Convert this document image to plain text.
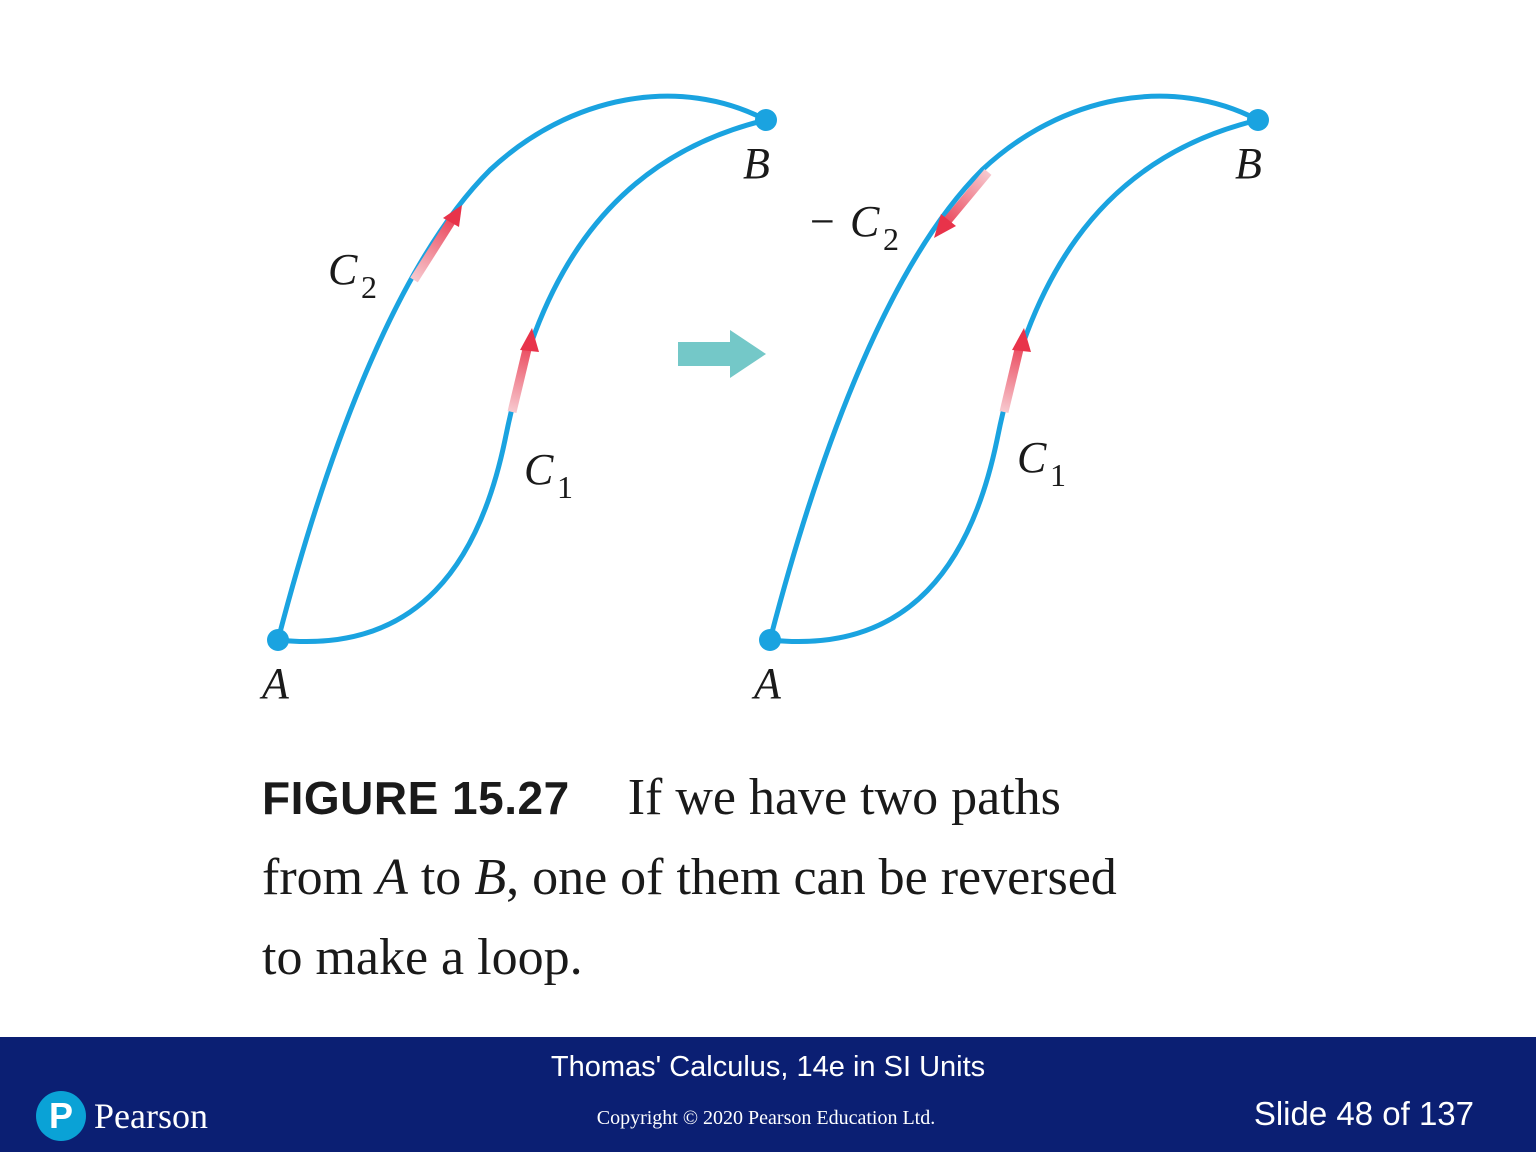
A
B
C 2
C 1
A
B
− C 2
C 1
FIGURE 15.27 If we have two paths
from A to B, one of them can be reversed
to make a loop.
P Pearson
Thomas' Calculus, 14e in SI Units
Copyright © 2020 Pearson Education Ltd.	Slide 48 of 137
